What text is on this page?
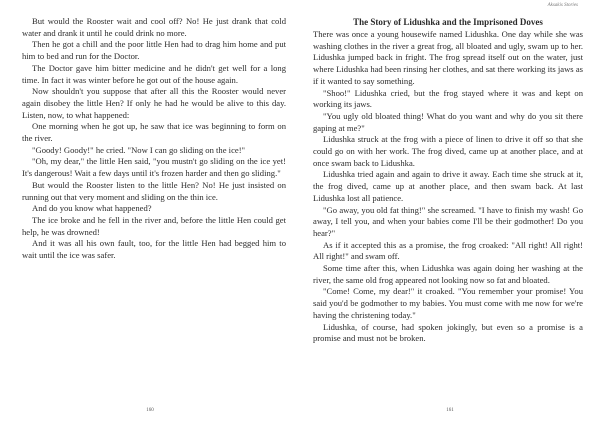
But would the Rooster wait and cool off? No! He just drank that cold water and drank it until he could drink no more.

Then he got a chill and the poor little Hen had to drag him home and put him to bed and run for the Doctor.

The Doctor gave him bitter medicine and he didn't get well for a long time. In fact it was winter before he got out of the house again.

Now shouldn't you suppose that after all this the Rooster would never again disobey the little Hen? If only he had he would be alive to this day. Listen, now, to what happened:

One morning when he got up, he saw that ice was beginning to form on the river.

"Goody! Goody!" he cried. "Now I can go sliding on the ice!"

"Oh, my dear," the little Hen said, "you mustn't go sliding on the ice yet! It's dangerous! Wait a few days until it's frozen harder and then go sliding."

But would the Rooster listen to the little Hen? No! He just insisted on running out that very moment and sliding on the thin ice.

And do you know what happened?

The ice broke and he fell in the river and, before the little Hen could get help, he was drowned!

And it was all his own fault, too, for the little Hen had begged him to wait until the ice was safer.

160
Aksakis Stories
The Story of Lidushka and the Imprisoned Doves

There was once a young housewife named Lidushka. One day while she was washing clothes in the river a great frog, all bloated and ugly, swam up to her. Lidushka jumped back in fright. The frog spread itself out on the water, just where Lidushka had been rinsing her clothes, and sat there working its jaws as if it wanted to say something.

"Shoo!" Lidushka cried, but the frog stayed where it was and kept on working its jaws.

"You ugly old bloated thing! What do you want and why do you sit there gaping at me?"

Lidushka struck at the frog with a piece of linen to drive it off so that she could go on with her work. The frog dived, came up at another place, and at once swam back to Lidushka.

Lidushka tried again and again to drive it away. Each time she struck at it, the frog dived, came up at another place, and then swam back. At last Lidushka lost all patience.

"Go away, you old fat thing!" she screamed. "I have to finish my wash! Go away, I tell you, and when your babies come I'll be their godmother! Do you hear?"

As if it accepted this as a promise, the frog croaked: "All right! All right! All right!" and swam off.

Some time after this, when Lidushka was again doing her washing at the river, the same old frog appeared not looking now so fat and bloated.

"Come! Come, my dear!" it croaked. "You remember your promise! You said you'd be godmother to my babies. You must come with me now for we're having the christening today."

Lidushka, of course, had spoken jokingly, but even so a promise is a promise and must not be broken.

161
